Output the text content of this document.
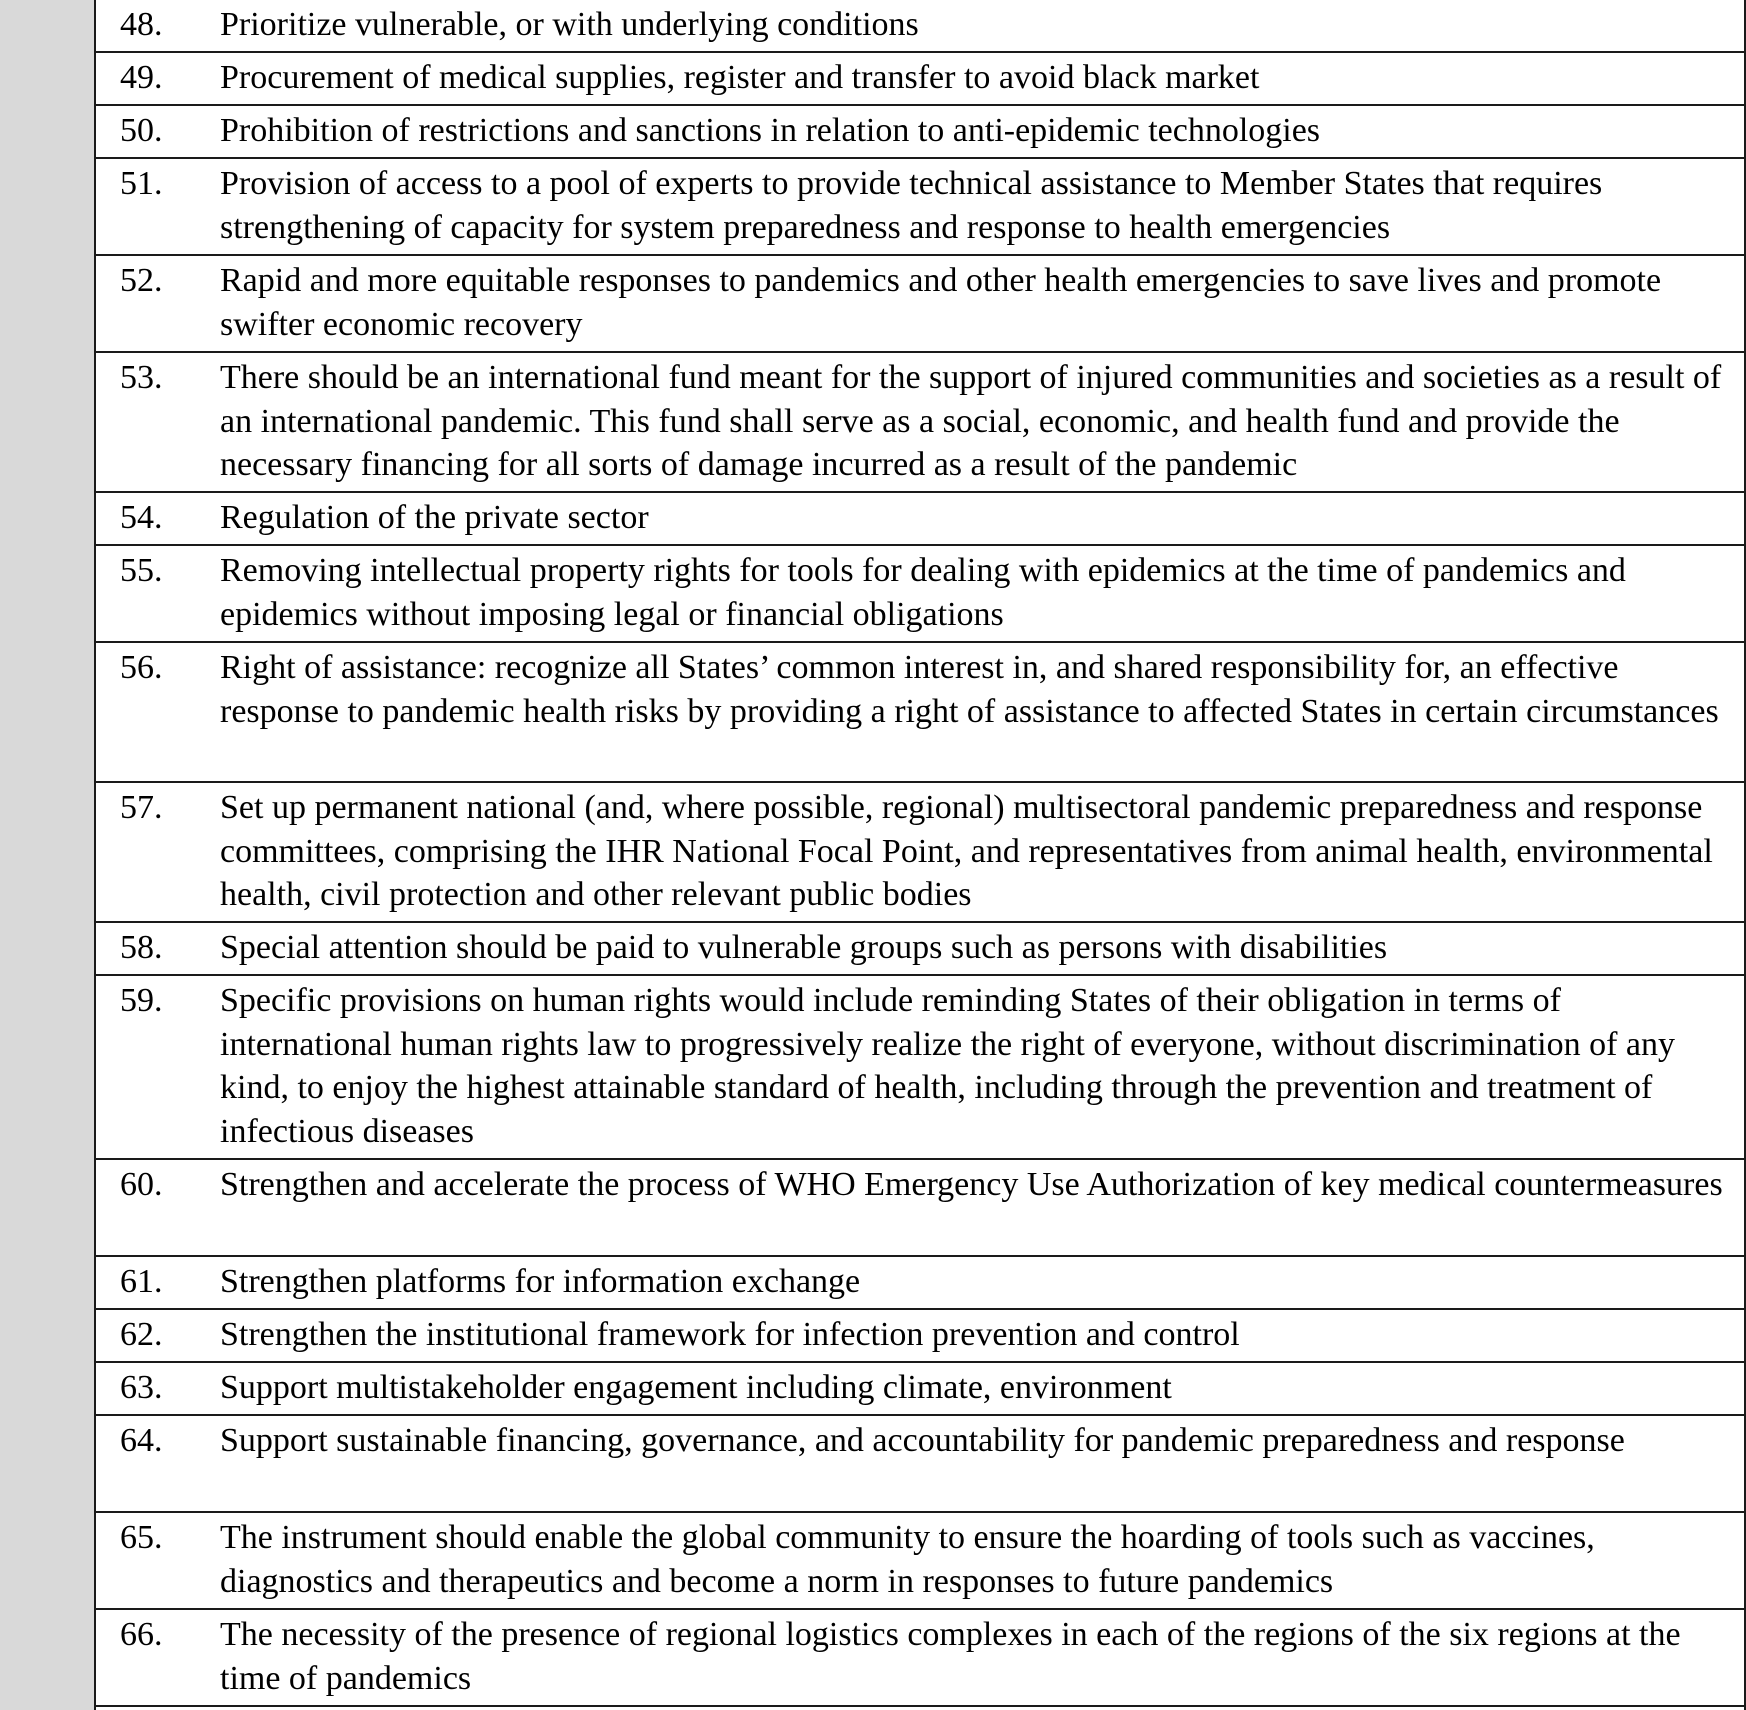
48.	Prioritize vulnerable, or with underlying conditions
49.	Procurement of medical supplies, register and transfer to avoid black market
50.	Prohibition of restrictions and sanctions in relation to anti-epidemic technologies
51.	Provision of access to a pool of experts to provide technical assistance to Member States that requires strengthening of capacity for system preparedness and response to health emergencies
52.	Rapid and more equitable responses to pandemics and other health emergencies to save lives and promote swifter economic recovery
53.	There should be an international fund meant for the support of injured communities and societies as a result of an international pandemic. This fund shall serve as a social, economic, and health fund and provide the necessary financing for all sorts of damage incurred as a result of the pandemic
54.	Regulation of the private sector
55.	Removing intellectual property rights for tools for dealing with epidemics at the time of pandemics and epidemics without imposing legal or financial obligations
56.	Right of assistance: recognize all States’ common interest in, and shared responsibility for, an effective response to pandemic health risks by providing a right of assistance to affected States in certain circumstances
57.	Set up permanent national (and, where possible, regional) multisectoral pandemic preparedness and response committees, comprising the IHR National Focal Point, and representatives from animal health, environmental health, civil protection and other relevant public bodies
58.	Special attention should be paid to vulnerable groups such as persons with disabilities
59.	Specific provisions on human rights would include reminding States of their obligation in terms of international human rights law to progressively realize the right of everyone, without discrimination of any kind, to enjoy the highest attainable standard of health, including through the prevention and treatment of infectious diseases
60.	Strengthen and accelerate the process of WHO Emergency Use Authorization of key medical countermeasures
61.	Strengthen platforms for information exchange
62.	Strengthen the institutional framework for infection prevention and control
63.	Support multistakeholder engagement including climate, environment
64.	Support sustainable financing, governance, and accountability for pandemic preparedness and response
65.	The instrument should enable the global community to ensure the hoarding of tools such as vaccines, diagnostics and therapeutics and become a norm in responses to future pandemics
66.	The necessity of the presence of regional logistics complexes in each of the regions of the six regions at the time of pandemics
